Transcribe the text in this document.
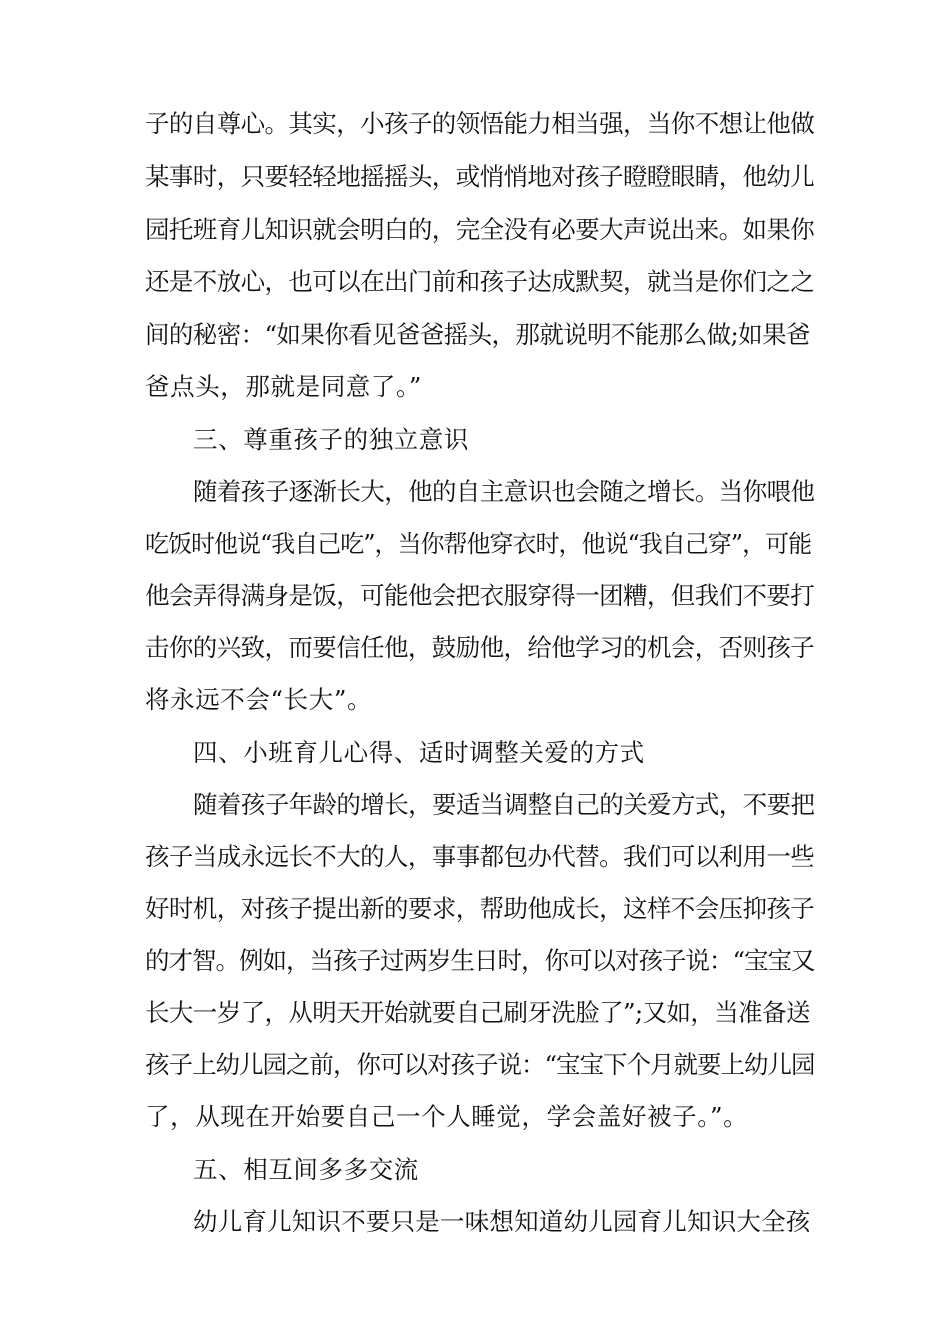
子的自尊心。其实，小孩子的领悟能力相当强，当你不想让他做
某事时，只要轻轻地摇摇头，或悄悄地对孩子瞪瞪眼睛，他幼儿
园托班育儿知识就会明白的，完全没有必要大声说出来。如果你
还是不放心，也可以在出门前和孩子达成默契，就当是你们之之
间的秘密：“如果你看见爸爸摇头，那就说明不能那么做;如果爸
爸点头，那就是同意了。”
三、尊重孩子的独立意识
随着孩子逐渐长大，他的自主意识也会随之增长。当你喂他
吃饭时他说“我自己吃”，当你帮他穿衣时，他说“我自己穿”，可能
他会弄得满身是饭，可能他会把衣服穿得一团糟，但我们不要打
击你的兴致，而要信任他，鼓励他，给他学习的机会，否则孩子
将永远不会“长大”。
四、小班育儿心得、适时调整关爱的方式
随着孩子年龄的增长，要适当调整自己的关爱方式，不要把
孩子当成永远长不大的人，事事都包办代替。我们可以利用一些
好时机，对孩子提出新的要求，帮助他成长，这样不会压抑孩子
的才智。例如，当孩子过两岁生日时，你可以对孩子说：“宝宝又
长大一岁了，从明天开始就要自己刷牙洗脸了”;又如，当准备送
孩子上幼儿园之前，你可以对孩子说：“宝宝下个月就要上幼儿园
了，从现在开始要自己一个人睡觉，学会盖好被子。”。
五、相互间多多交流
幼儿育儿知识不要只是一味想知道幼儿园育儿知识大全孩
